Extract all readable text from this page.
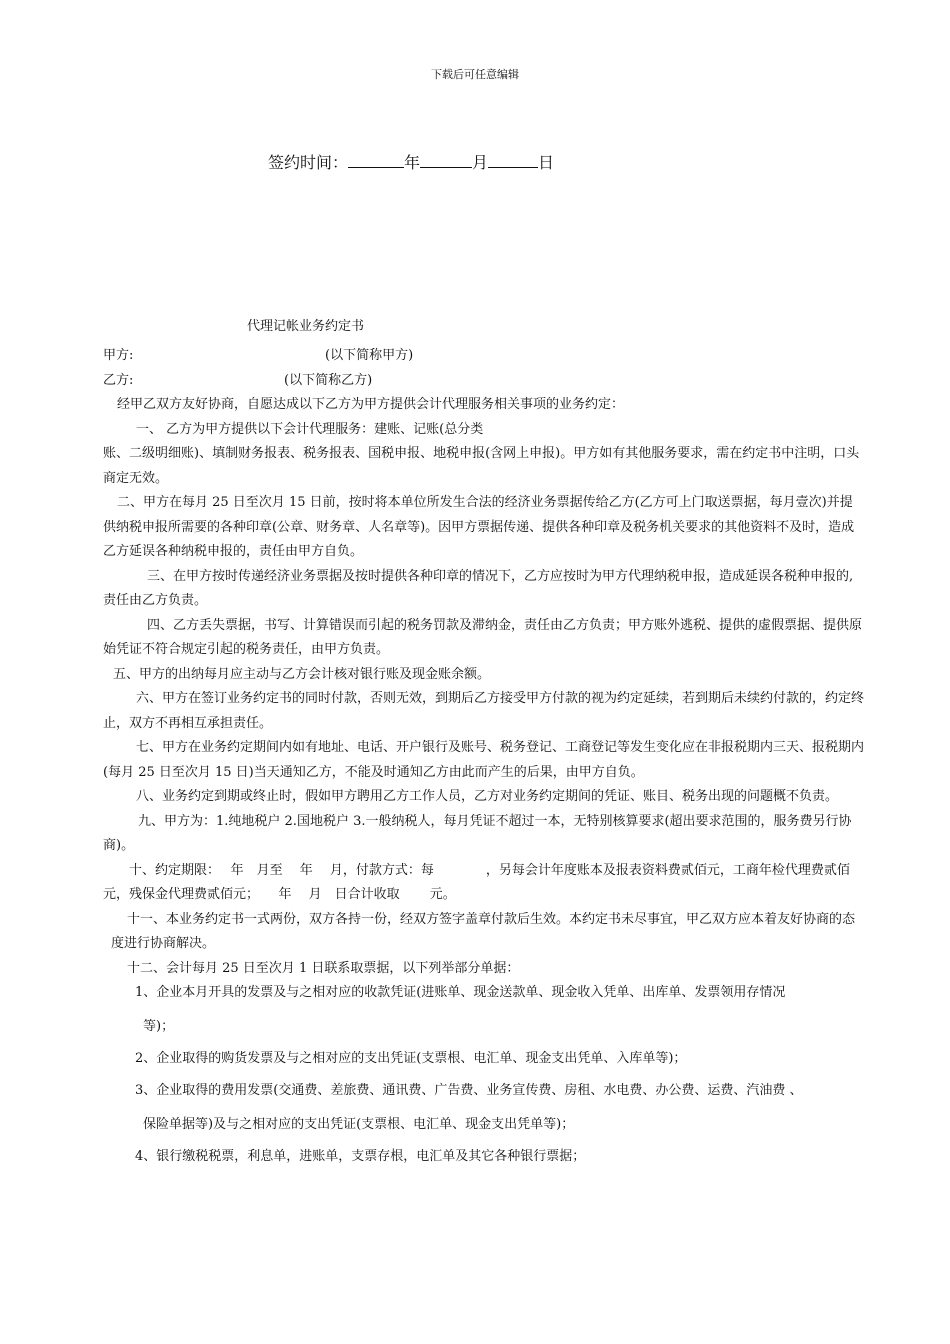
下载后可任意编辑
签约时间：	年	月	日
代理记帐业务约定书
甲方:	(以下简称甲方)
乙方:	(以下简称乙方)

经甲乙双方友好协商，自愿达成以下乙方为甲方提供会计代理服务相关事项的业务约定：

一、 乙方为甲方提供以下会计代理服务：建账、记账(总分类

账、二级明细账)、填制财务报表、税务报表、国税申报、地税申报(含网上申报)。甲方如有其他服务要求，需在约定书中注明，口头商定无效。

二、甲方在每月 25 日至次月 15 日前，按时将本单位所发生合法的经济业务票据传给乙方(乙方可上门取送票据，每月壹次)并提供纳税申报所需要的各种印章(公章、财务章、人名章等)。因甲方票据传递、提供各种印章及税务机关要求的其他资料不及时，造成乙方延误各种纳税申报的，责任由甲方自负。

三、在甲方按时传递经济业务票据及按时提供各种印章的情况下，乙方应按时为甲方代理纳税申报，造成延误各税种申报的, 责任由乙方负责。

四、乙方丢失票据，书写、计算错误而引起的税务罚款及滞纳金，责任由乙方负责；甲方账外逃税、提供的虚假票据、提供原始凭证不符合规定引起的税务责任，由甲方负责。

五、甲方的出纳每月应主动与乙方会计核对银行账及现金账余额。

六、甲方在签订业务约定书的同时付款，否则无效，到期后乙方接受甲方付款的视为约定延续，若到期后未续约付款的，约定终止，双方不再相互承担责任。

七、甲方在业务约定期间内如有地址、电话、开户银行及账号、税务登记、工商登记等发生变化应在非报税期内三天、报税期内(每月 25 日至次月 15 日)当天通知乙方，不能及时通知乙方由此而产生的后果，由甲方自负。

八、业务约定到期或终止时，假如甲方聘用乙方工作人员，乙方对业务约定期间的凭证、账目、税务出现的问题概不负责。

九、甲方为：1.纯地税户 2.国地税户 3.一般纳税人，每月凭证不超过一本，无特别核算要求(超出要求范围的，服务费另行协商)。

十、约定期限：　 年　月至　 年　 月，付款方式：每　　　　，另每会计年度账本及报表资料费贰佰元，工商年检代理费贰佰元，残保金代理费贰佰元；　　年　 月　日合计收取　　 元。

十一、本业务约定书一式两份，双方各持一份，经双方签字盖章付款后生效。本约定书未尽事宜，甲乙双方应本着友好协商的态度进行协商解决。

十二、会计每月 25 日至次月 1 日联系取票据，以下列举部分单据：

1、企业本月开具的发票及与之相对应的收款凭证(进账单、现金送款单、现金收入凭单、出库单、发票领用存情况
等)；
2、企业取得的购货发票及与之相对应的支出凭证(支票根、电汇单、现金支出凭单、入库单等)；
3、企业取得的费用发票(交通费、差旅费、通讯费、广告费、业务宣传费、房租、水电费、办公费、运费、汽油费 、
保险单据等)及与之相对应的支出凭证(支票根、电汇单、现金支出凭单等)；
4、银行缴税税票，利息单，进账单，支票存根，电汇单及其它各种银行票据；
